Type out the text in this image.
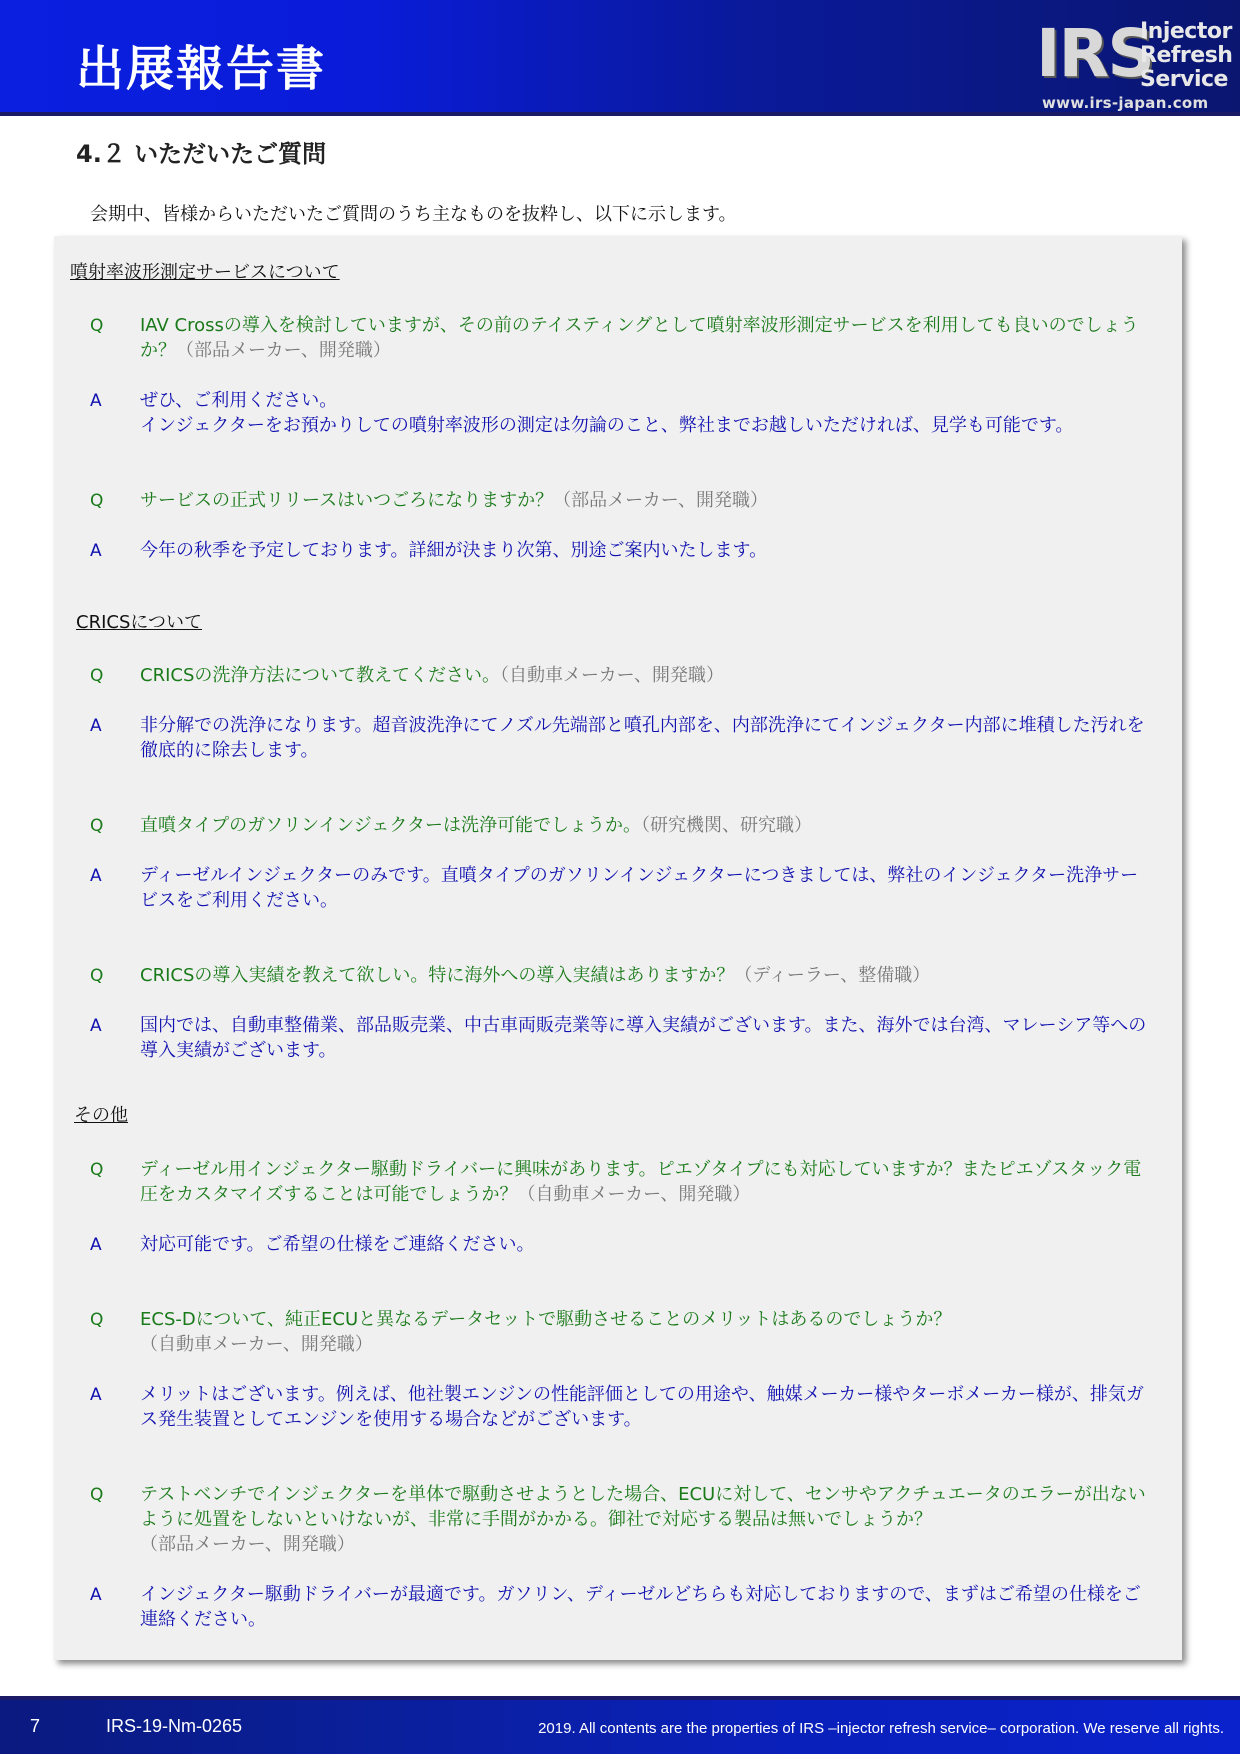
出展報告書	IRS
Injector
Refresh
Service
www.irs-japan.com
4.２ いただいたご質問
会期中、皆様からいただいたご質問のうち主なものを抜粋し、以下に示します。
噴射率波形測定サービスについて
Q IAV Crossの導入を検討していますが、その前のテイスティングとして噴射率波形測定サービスを利用しても良いのでしょうか？（部品メーカー、開発職）
A ぜひ、ご利用ください。
インジェクターをお預かりしての噴射率波形の測定は勿論のこと、弊社までお越しいただければ、見学も可能です。
Q サービスの正式リリースはいつごろになりますか？（部品メーカー、開発職）
A 今年の秋季を予定しております。詳細が決まり次第、別途ご案内いたします。
CRICSについて
Q CRICSの洗浄方法について教えてください。（自動車メーカー、開発職）
A 非分解での洗浄になります。超音波洗浄にてノズル先端部と噴孔内部を、内部洗浄にてインジェクター内部に堆積した汚れを徹底的に除去します。
Q 直噴タイプのガソリンインジェクターは洗浄可能でしょうか。（研究機関、研究職）
A ディーゼルインジェクターのみです。直噴タイプのガソリンインジェクターにつきましては、弊社のインジェクター洗浄サービスをご利用ください。
Q CRICSの導入実績を教えて欲しい。特に海外への導入実績はありますか？（ディーラー、整備職）
A 国内では、自動車整備業、部品販売業、中古車両販売業等に導入実績がございます。また、海外では台湾、マレーシア等への導入実績がございます。
その他
Q ディーゼル用インジェクター駆動ドライバーに興味があります。ピエゾタイプにも対応していますか？またピエゾスタック電圧をカスタマイズすることは可能でしょうか？（自動車メーカー、開発職）
A 対応可能です。ご希望の仕様をご連絡ください。
Q ECS-Dについて、純正ECUと異なるデータセットで駆動させることのメリットはあるのでしょうか？
（自動車メーカー、開発職）
A メリットはございます。例えば、他社製エンジンの性能評価としての用途や、触媒メーカー様やターボメーカー様が、排気ガス発生装置としてエンジンを使用する場合などがございます。
Q テストベンチでインジェクターを単体で駆動させようとした場合、ECUに対して、センサやアクチュエータのエラーが出ないように処置をしないといけないが、非常に手間がかかる。御社で対応する製品は無いでしょうか？
（部品メーカー、開発職）
A インジェクター駆動ドライバーが最適です。ガソリン、ディーゼルどちらも対応しておりますので、まずはご希望の仕様をご連絡ください。
7	IRS-19-Nm-0265	2019. All contents are the properties of IRS –injector refresh service– corporation. We reserve all rights.
